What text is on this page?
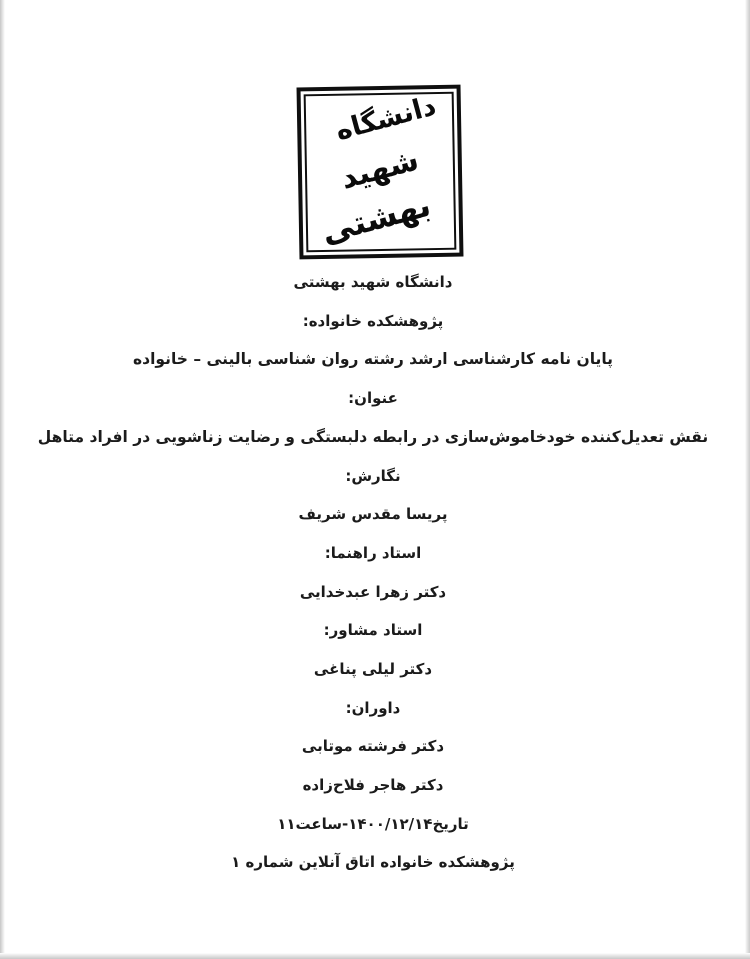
دانشگاه
شهید
بهشتی
دانشگاه شهید بهشتی
پژوهشکده خانواده:
پایان نامه کارشناسی ارشد رشته روان شناسی بالینی – خانواده
عنوان:
نقش تعدیل‌کننده خودخاموش‌سازی در رابطه دلبستگی و رضایت زناشویی در افراد متاهل
نگارش:
پریسا مقدس شریف
استاد راهنما:
دکتر زهرا عبدخدایی
استاد مشاور:
دکتر لیلی پناغی
داوران:
دکتر فرشته موتابی
دکتر هاجر فلاح‌زاده
تاریخ۱۴۰۰/۱۲/۱۴-ساعت۱۱
پژوهشکده خانواده اتاق آنلاین شماره ۱
